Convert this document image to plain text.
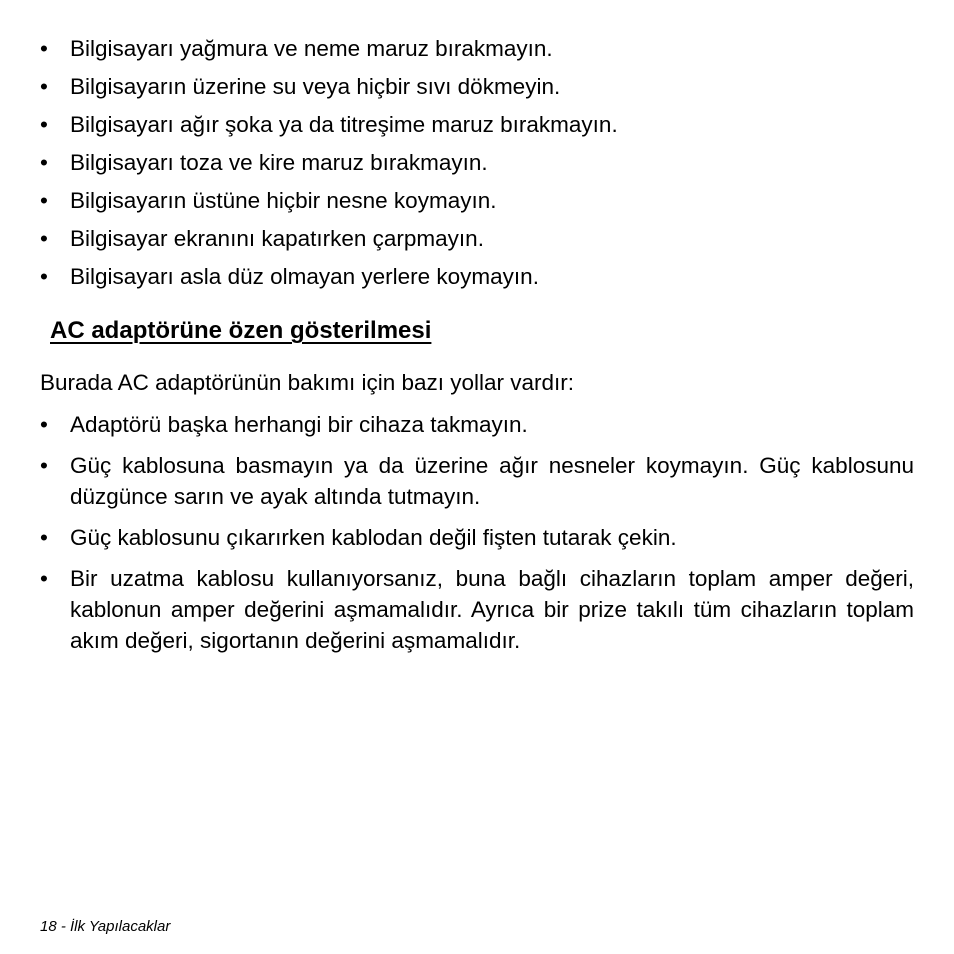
• Bilgisayarı yağmura ve neme maruz bırakmayın.
• Bilgisayarın üzerine su veya hiçbir sıvı dökmeyin.
• Bilgisayarı ağır şoka ya da titreşime maruz bırakmayın.
• Bilgisayarı toza ve kire maruz bırakmayın.
• Bilgisayarın üstüne hiçbir nesne koymayın.
• Bilgisayar ekranını kapatırken çarpmayın.
• Bilgisayarı asla düz olmayan yerlere koymayın.
AC adaptörüne özen gösterilmesi
Burada AC adaptörünün bakımı için bazı yollar vardır:
• Adaptörü başka herhangi bir cihaza takmayın.
• Güç kablosuna basmayın ya da üzerine ağır nesneler koymayın. Güç kablosunu düzgünce sarın ve ayak altında tutmayın.
• Güç kablosunu çıkarırken kablodan değil fişten tutarak çekin.
• Bir uzatma kablosu kullanıyorsanız, buna bağlı cihazların toplam amper değeri, kablonun amper değerini aşmamalıdır. Ayrıca bir prize takılı tüm cihazların toplam akım değeri, sigortanın değerini aşmamalıdır.
18 - İlk Yapılacaklar
